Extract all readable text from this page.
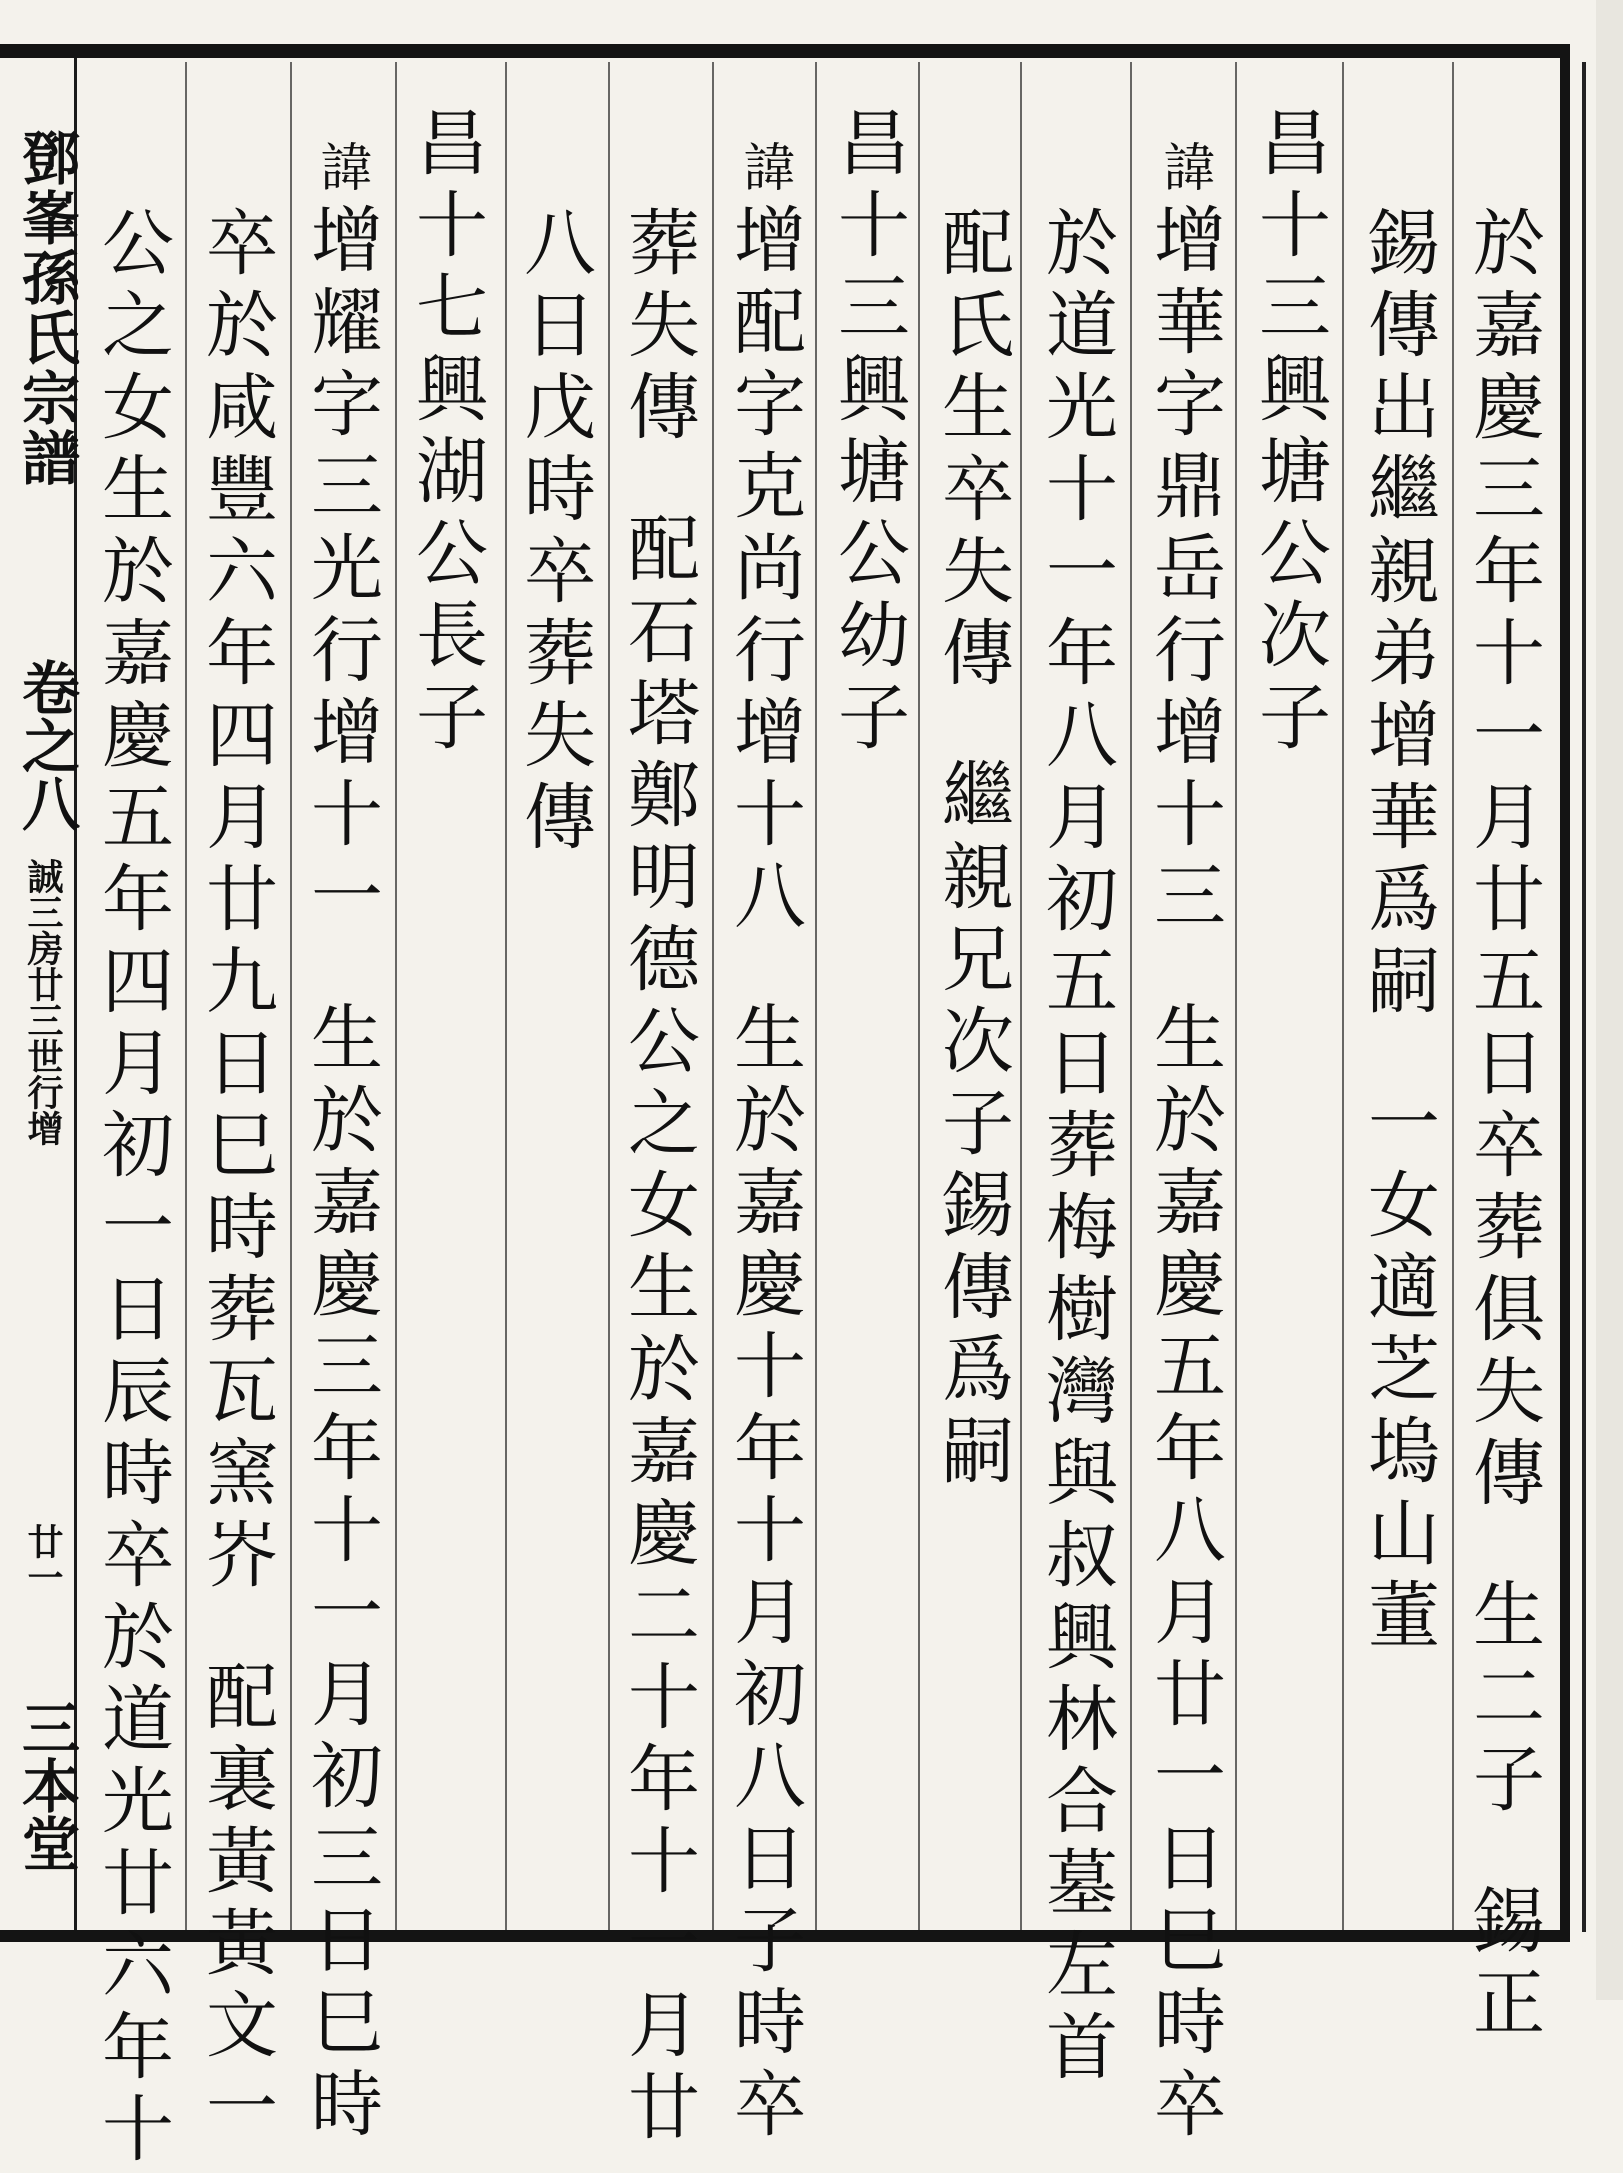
鄧峯孫氏宗譜
卷之八
誠三房廿三世行增
廿一
三本堂
於嘉慶三年十一月廿五日卒葬俱失傳生二子錫正
錫傳出繼親弟增華爲嗣一女適芝塢山董
昌十三興塘公次子
諱增華字鼎岳行增十三生於嘉慶五年八月廿一日巳時卒
於道光十一年八月初五日葬梅樹灣與叔興林合墓左首
配氏生卒失傳繼親兄次子錫傳爲嗣
昌十三興塘公幼子
諱增配字克尚行增十八生於嘉慶十年十月初八日子時卒
葬失傳配石塔鄭明德公之女生於嘉慶二十年十一月廿
八日戊時卒葬失傳
昌十七興湖公長子
諱增耀字三光行增十一生於嘉慶三年十一月初三日巳時
卒於咸豐六年四月廿九日巳時葬瓦窯岕配裏黃黃文一
公之女生於嘉慶五年四月初一日辰時卒於道光廿六年十
